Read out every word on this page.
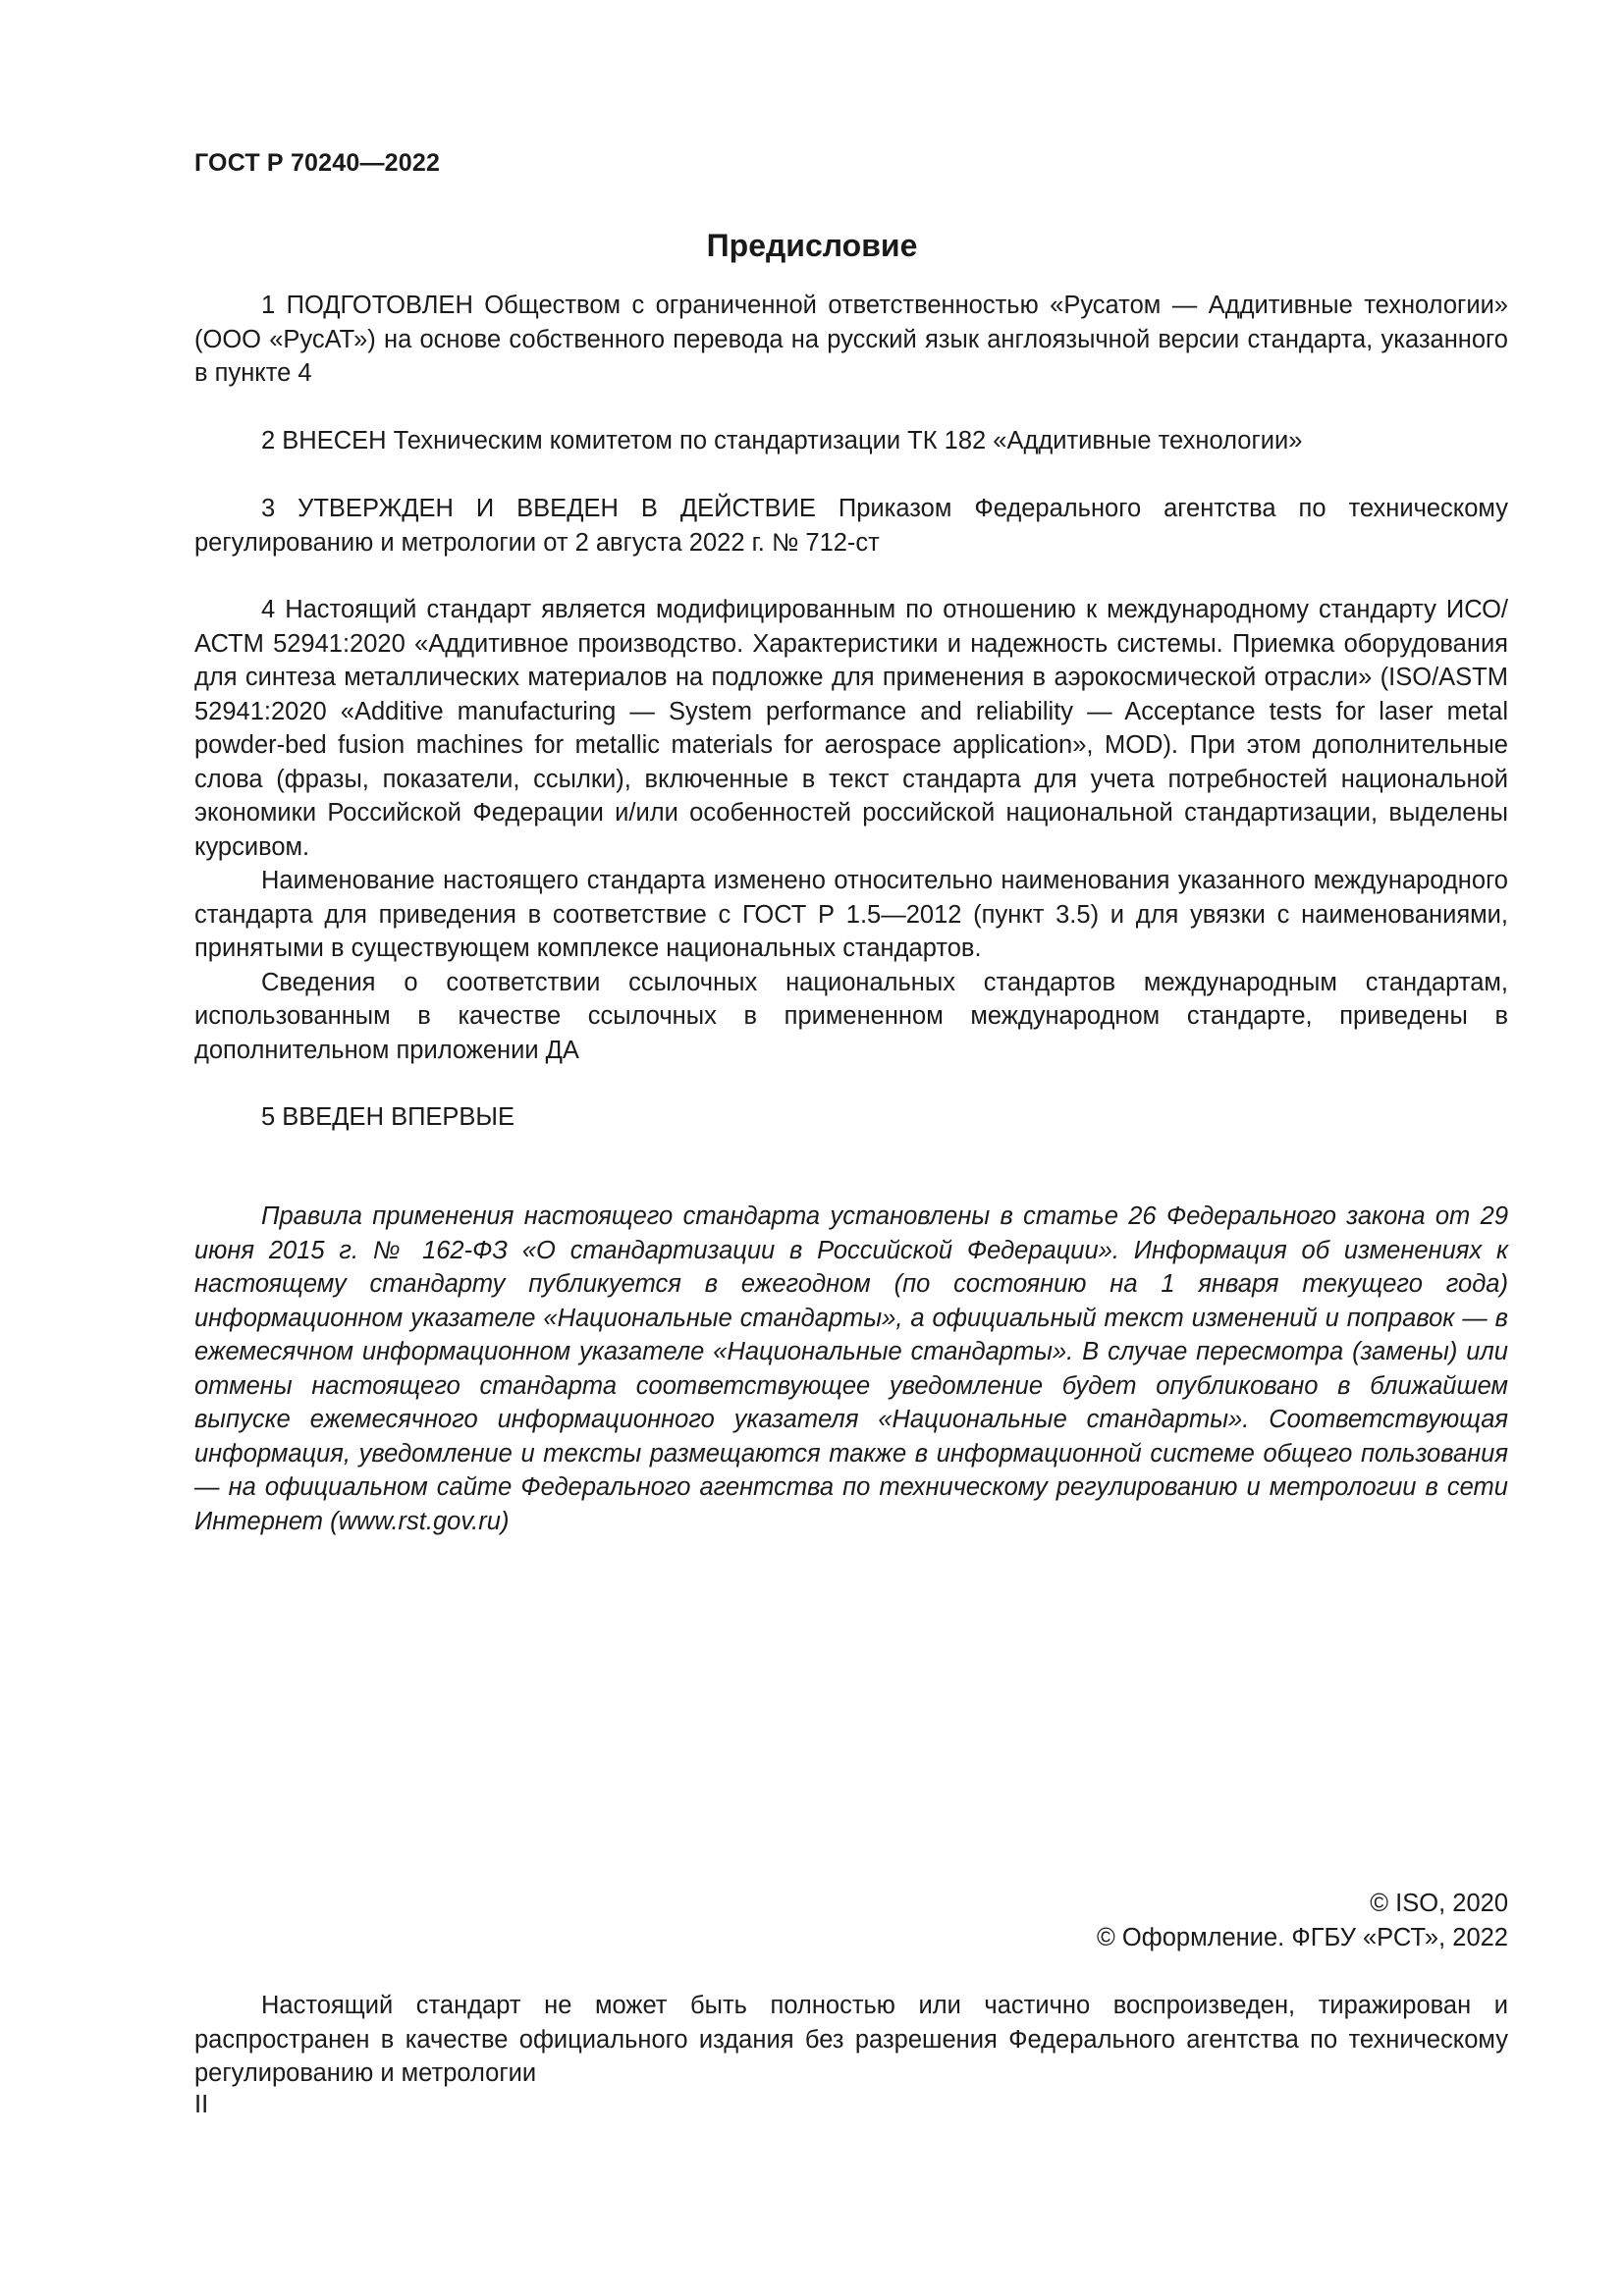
ГОСТ Р 70240—2022
Предисловие

1 ПОДГОТОВЛЕН Обществом с ограниченной ответственностью «Русатом — Аддитивные технологии» (ООО «РусАТ») на основе собственного перевода на русский язык англоязычной версии стандарта, указанного в пункте 4

2 ВНЕСЕН Техническим комитетом по стандартизации ТК 182 «Аддитивные технологии»

3 УТВЕРЖДЕН И ВВЕДЕН В ДЕЙСТВИЕ Приказом Федерального агентства по техническому регулированию и метрологии от 2 августа 2022 г. № 712-ст

4 Настоящий стандарт является модифицированным по отношению к международному стандарту ИСО/АСТМ 52941:2020 «Аддитивное производство. Характеристики и надежность системы. Приемка оборудования для синтеза металлических материалов на подложке для применения в аэрокосмической отрасли» (ISO/ASTM 52941:2020 «Additive manufacturing — System performance and reliability — Acceptance tests for laser metal powder-bed fusion machines for metallic materials for aerospace application», MOD). При этом дополнительные слова (фразы, показатели, ссылки), включенные в текст стандарта для учета потребностей национальной экономики Российской Федерации и/или особенностей российской национальной стандартизации, выделены курсивом.

Наименование настоящего стандарта изменено относительно наименования указанного международного стандарта для приведения в соответствие с ГОСТ Р 1.5—2012 (пункт 3.5) и для увязки с наименованиями, принятыми в существующем комплексе национальных стандартов.

Сведения о соответствии ссылочных национальных стандартов международным стандартам, использованным в качестве ссылочных в примененном международном стандарте, приведены в дополнительном приложении ДА

5 ВВЕДЕН ВПЕРВЫЕ

Правила применения настоящего стандарта установлены в статье 26 Федерального закона от 29 июня 2015 г. № 162-ФЗ «О стандартизации в Российской Федерации». Информация об изменениях к настоящему стандарту публикуется в ежегодном (по состоянию на 1 января текущего года) информационном указателе «Национальные стандарты», а официальный текст изменений и поправок — в ежемесячном информационном указателе «Национальные стандарты». В случае пересмотра (замены) или отмены настоящего стандарта соответствующее уведомление будет опубликовано в ближайшем выпуске ежемесячного информационного указателя «Национальные стандарты». Соответствующая информация, уведомление и тексты размещаются также в информационной системе общего пользования — на официальном сайте Федерального агентства по техническому регулированию и метрологии в сети Интернет (www.rst.gov.ru)

© ISO, 2020
© Оформление. ФГБУ «РСТ», 2022

Настоящий стандарт не может быть полностью или частично воспроизведен, тиражирован и распространен в качестве официального издания без разрешения Федерального агентства по техническому регулированию и метрологии

II
